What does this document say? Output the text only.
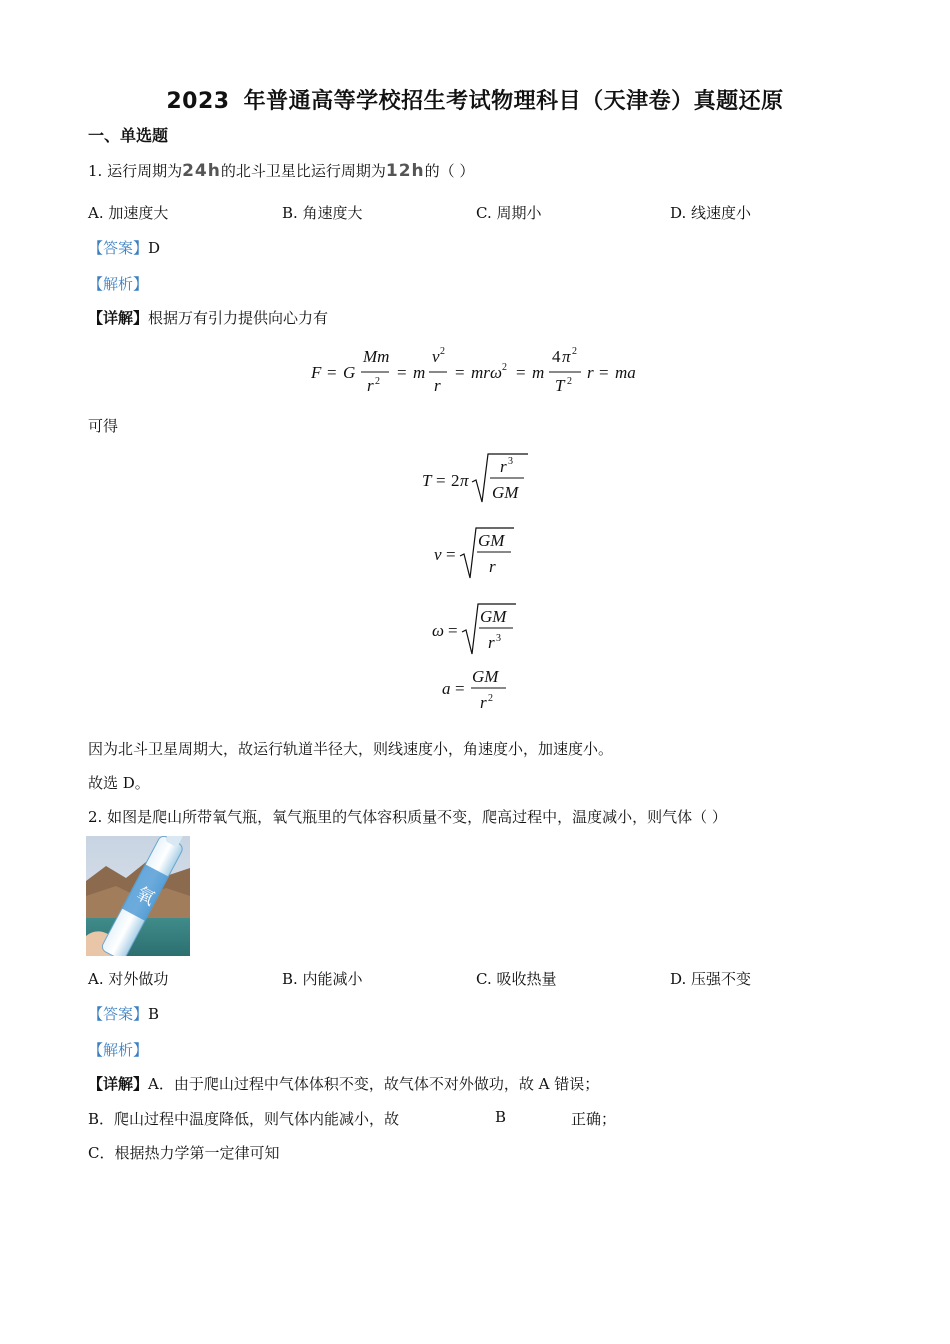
2023 年普通高等学校招生考试物理科目（天津卷）真题还原
一、单选题
1. 运行周期为24h的北斗卫星比运行周期为12h的（ ）
A. 加速度大	B. 角速度大	C. 周期小	D. 线速度小
【答案】D
【解析】
【详解】根据万有引力提供向心力有
F = G
Mm
r 2 = m
v 2
r
= mr ω 2 = m
4 π 2
T 2 r = ma
可得
T = 2 π
r 3
GM
v =
GM
r
ω =
GM
r 3
a =
GM
r 2
因为北斗卫星周期大，故运行轨道半径大，则线速度小，角速度小，加速度小。
故选 D。
2. 如图是爬山所带氧气瓶，氧气瓶里的气体容积质量不变，爬高过程中，温度减小，则气体（ ）
氧
A. 对外做功	B. 内能减小	C. 吸收热量	D. 压强不变
【答案】B
【解析】
【详解】A．由于爬山过程中气体体积不变，故气体不对外做功，故 A 错误；
B．爬山过程中温度降低，则气体内能减小，故	B	正确；
C．根据热力学第一定律可知
